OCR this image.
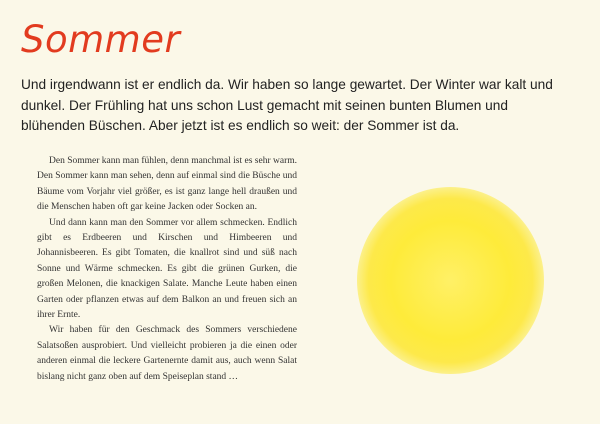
Sommer
Und irgendwann ist er endlich da. Wir haben so lange gewartet. Der Winter war kalt und dunkel. Der Frühling hat uns schon Lust gemacht mit seinen bunten Blumen und blühenden Büschen. Aber jetzt ist es endlich so weit: der Sommer ist da.

Den Sommer kann man fühlen, denn manchmal ist es sehr warm. Den Sommer kann man sehen, denn auf einmal sind die Büsche und Bäume vom Vorjahr viel größer, es ist ganz lange hell draußen und die Menschen haben oft gar keine Jacken oder Socken an.

Und dann kann man den Sommer vor allem schmecken. Endlich gibt es Erdbeeren und Kirschen und Himbeeren und Johannisbeeren. Es gibt Tomaten, die knallrot sind und süß nach Sonne und Wärme schmecken. Es gibt die grünen Gurken, die großen Melonen, die knackigen Salate. Manche Leute haben einen Garten oder pflanzen etwas auf dem Balkon an und freuen sich an ihrer Ernte.

Wir haben für den Geschmack des Sommers verschiedene Salatsoßen ausprobiert. Und vielleicht probieren ja die einen oder anderen einmal die leckere Gartenernte damit aus, auch wenn Salat bislang nicht ganz oben auf dem Speiseplan stand …
